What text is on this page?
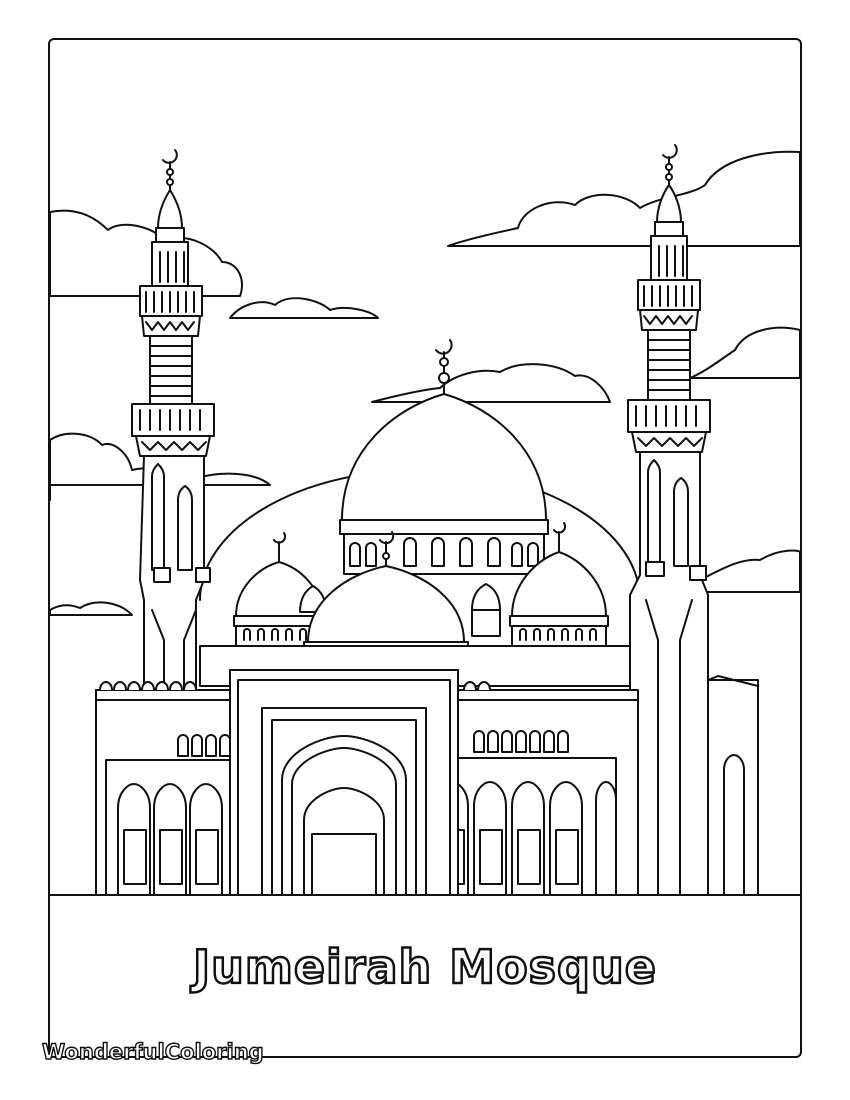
Jumeirah Mosque
WonderfulColoring
